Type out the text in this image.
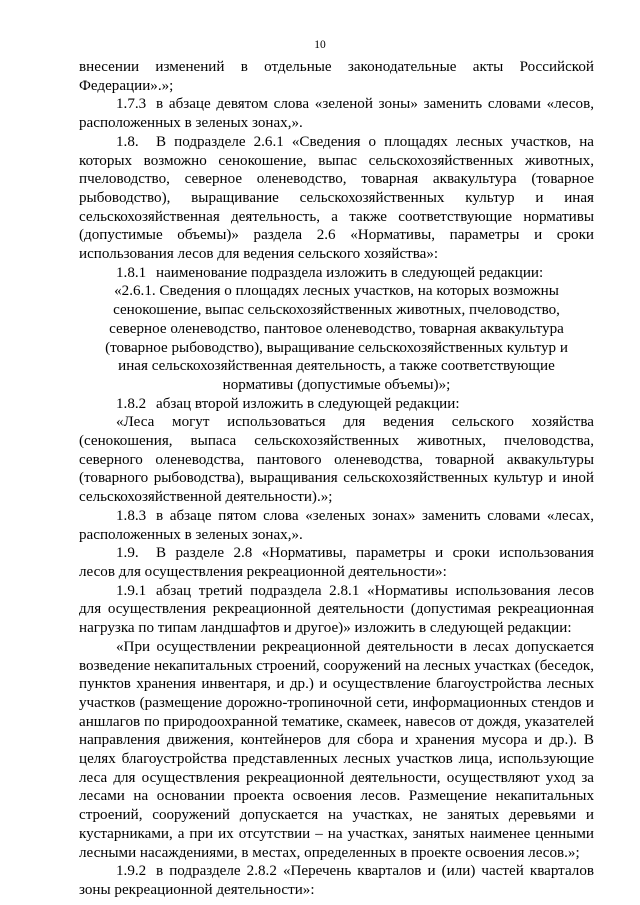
10

внесении изменений в отдельные законодательные акты Российской Федерации».»;

1.7.3 в абзаце девятом слова «зеленой зоны» заменить словами «лесов, расположенных в зеленых зонах,».

1.8. В подразделе 2.6.1 «Сведения о площадях лесных участков, на которых возможно сенокошение, выпас сельскохозяйственных животных, пчеловодство, северное оленеводство, товарная аквакультура (товарное рыбоводство), выращивание сельскохозяйственных культур и иная сельскохозяйственная деятельность, а также соответствующие нормативы (допустимые объемы)» раздела 2.6 «Нормативы, параметры и сроки использования лесов для ведения сельского хозяйства»:

1.8.1 наименование подраздела изложить в следующей редакции:

«2.6.1. Сведения о площадях лесных участков, на которых возможны сенокошение, выпас сельскохозяйственных животных, пчеловодство, северное оленеводство, пантовое оленеводство, товарная аквакультура (товарное рыбоводство), выращивание сельскохозяйственных культур и иная сельскохозяйственная деятельность, а также соответствующие нормативы (допустимые объемы)»;

1.8.2 абзац второй изложить в следующей редакции:

«Леса могут использоваться для ведения сельского хозяйства (сенокошения, выпаса сельскохозяйственных животных, пчеловодства, северного оленеводства, пантового оленеводства, товарной аквакультуры (товарного рыбоводства), выращивания сельскохозяйственных культур и иной сельскохозяйственной деятельности).»;

1.8.3 в абзаце пятом слова «зеленых зонах» заменить словами «лесах, расположенных в зеленых зонах,».

1.9. В разделе 2.8 «Нормативы, параметры и сроки использования лесов для осуществления рекреационной деятельности»:

1.9.1 абзац третий подраздела 2.8.1 «Нормативы использования лесов для осуществления рекреационной деятельности (допустимая рекреационная нагрузка по типам ландшафтов и другое)» изложить в следующей редакции:

«При осуществлении рекреационной деятельности в лесах допускается возведение некапитальных строений, сооружений на лесных участках (беседок, пунктов хранения инвентаря, и др.) и осуществление благоустройства лесных участков (размещение дорожно-тропиночной сети, информационных стендов и аншлагов по природоохранной тематике, скамеек, навесов от дождя, указателей направления движения, контейнеров для сбора и хранения мусора и др.). В целях благоустройства представленных лесных участков лица, использующие леса для осуществления рекреационной деятельности, осуществляют уход за лесами на основании проекта освоения лесов. Размещение некапитальных строений, сооружений допускается на участках, не занятых деревьями и кустарниками, а при их отсутствии – на участках, занятых наименее ценными лесными насаждениями, в местах, определенных в проекте освоения лесов.»;

1.9.2 в подразделе 2.8.2 «Перечень кварталов и (или) частей кварталов зоны рекреационной деятельности»:
